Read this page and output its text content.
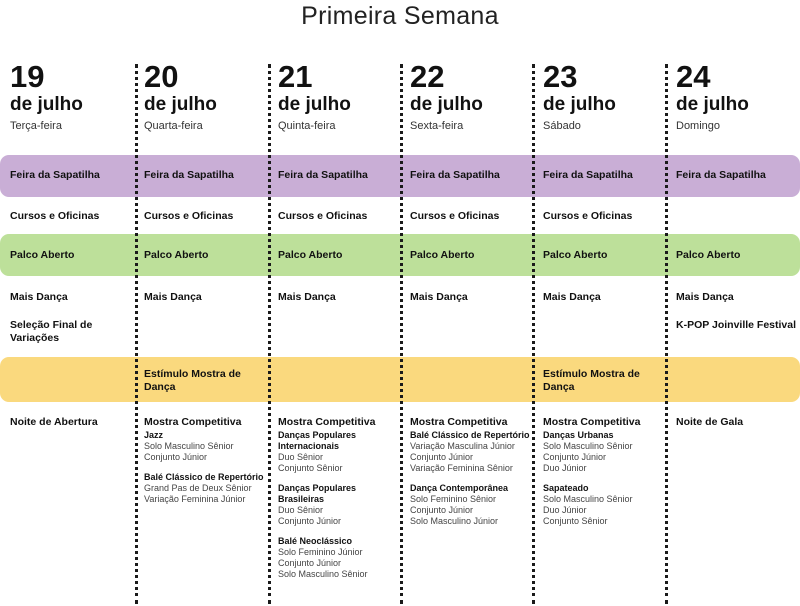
Primeira Semana
19
de julho
Terça-feira
Feira da Sapatilha
Cursos e Oficinas
Palco Aberto
Mais Dança
Seleção Final de Variações
Noite de Abertura
20
de julho
Quarta-feira
Feira da Sapatilha
Cursos e Oficinas
Palco Aberto
Mais Dança
Estímulo Mostra de Dança
Mostra Competitiva
Jazz
Solo Masculino Sênior
Conjunto Júnior
Balé Clássico de Repertório
Grand Pas de Deux Sênior
Variação Feminina Júnior
21
de julho
Quinta-feira
Feira da Sapatilha
Cursos e Oficinas
Palco Aberto
Mais Dança
Mostra Competitiva
Danças Populares Internacionais
Duo Sênior
Conjunto Sênior
Danças Populares Brasileiras
Duo Sênior
Conjunto Júnior
Balé Neoclássico
Solo Feminino Júnior
Conjunto Júnior
Solo Masculino Sênior
22
de julho
Sexta-feira
Feira da Sapatilha
Cursos e Oficinas
Palco Aberto
Mais Dança
Mostra Competitiva
Balé Clássico de Repertório
Variação Masculina Júnior
Conjunto Júnior
Variação Feminina Sênior
Dança Contemporânea
Solo Feminino Sênior
Conjunto Júnior
Solo Masculino Júnior
23
de julho
Sábado
Feira da Sapatilha
Cursos e Oficinas
Palco Aberto
Mais Dança
Estímulo Mostra de Dança
Mostra Competitiva
Danças Urbanas
Solo Masculino Sênior
Conjunto Júnior
Duo Júnior
Sapateado
Solo Masculino Sênior
Duo Júnior
Conjunto Sênior
24
de julho
Domingo
Feira da Sapatilha
Palco Aberto
Mais Dança
K-POP Joinville Festival
Noite de Gala
